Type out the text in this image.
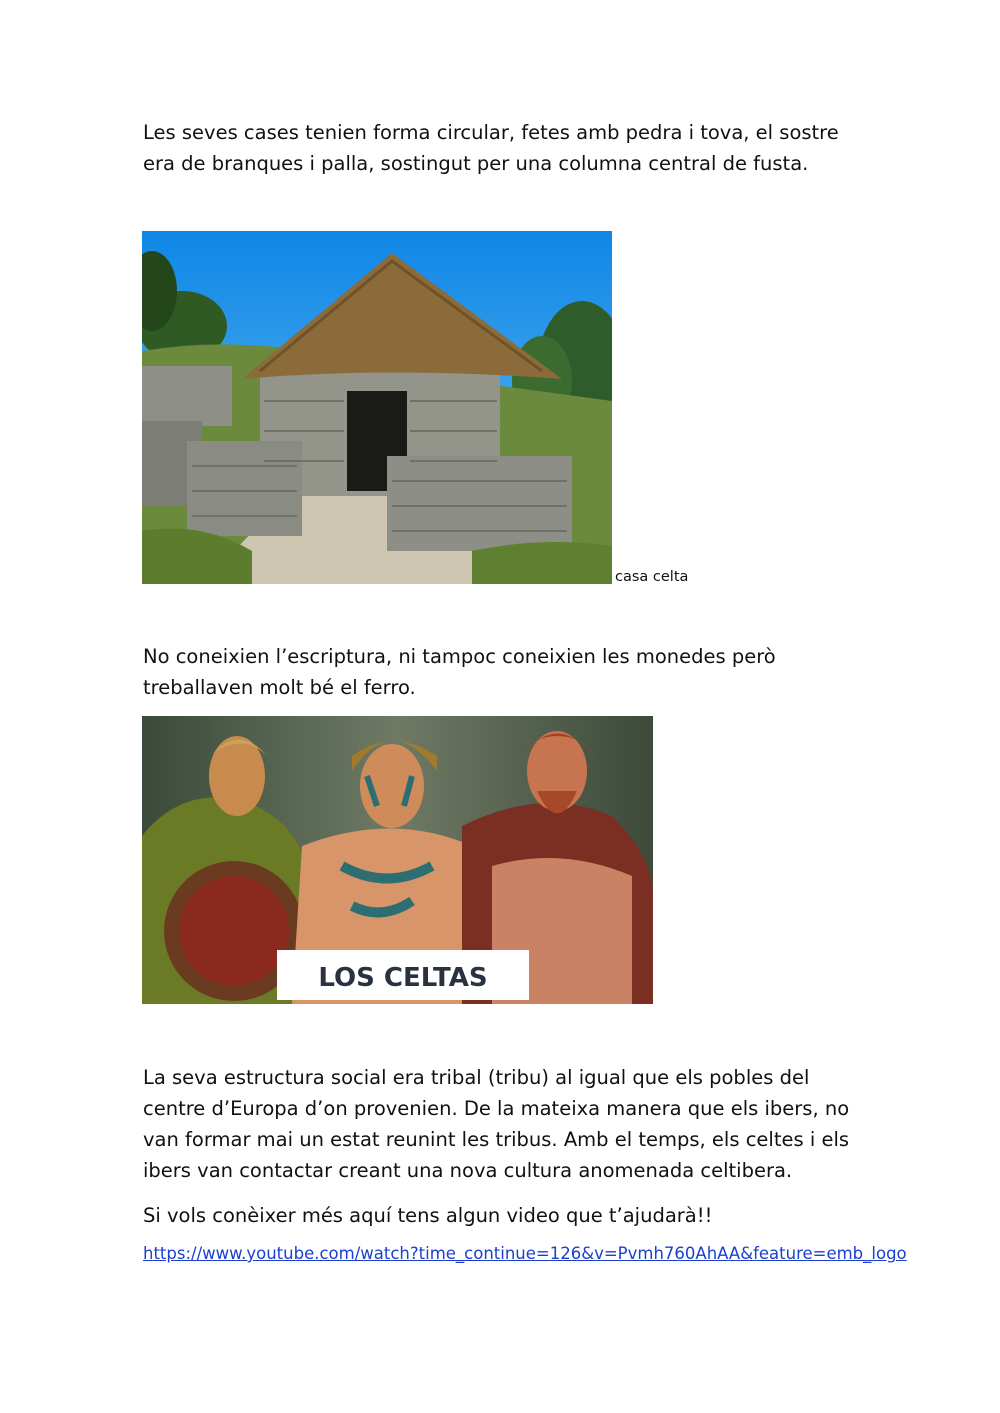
Les seves cases tenien forma circular, fetes amb pedra i tova, el sostre era de branques i palla, sostingut per una columna central de fusta.

casa celta

No coneixien l’escriptura, ni tampoc coneixien les monedes però treballaven molt bé el ferro.

LOS CELTAS

La seva estructura social era tribal (tribu) al igual que els pobles del centre d’Europa d’on provenien. De la mateixa manera que els ibers, no van formar mai un estat reunint les tribus. Amb el temps, els celtes i els ibers van contactar creant una nova cultura anomenada celtibera.

Si vols conèixer més aquí tens algun video que t’ajudarà!!

https://www.youtube.com/watch?time_continue=126&v=Pvmh760AhAA&feature=emb_logo
